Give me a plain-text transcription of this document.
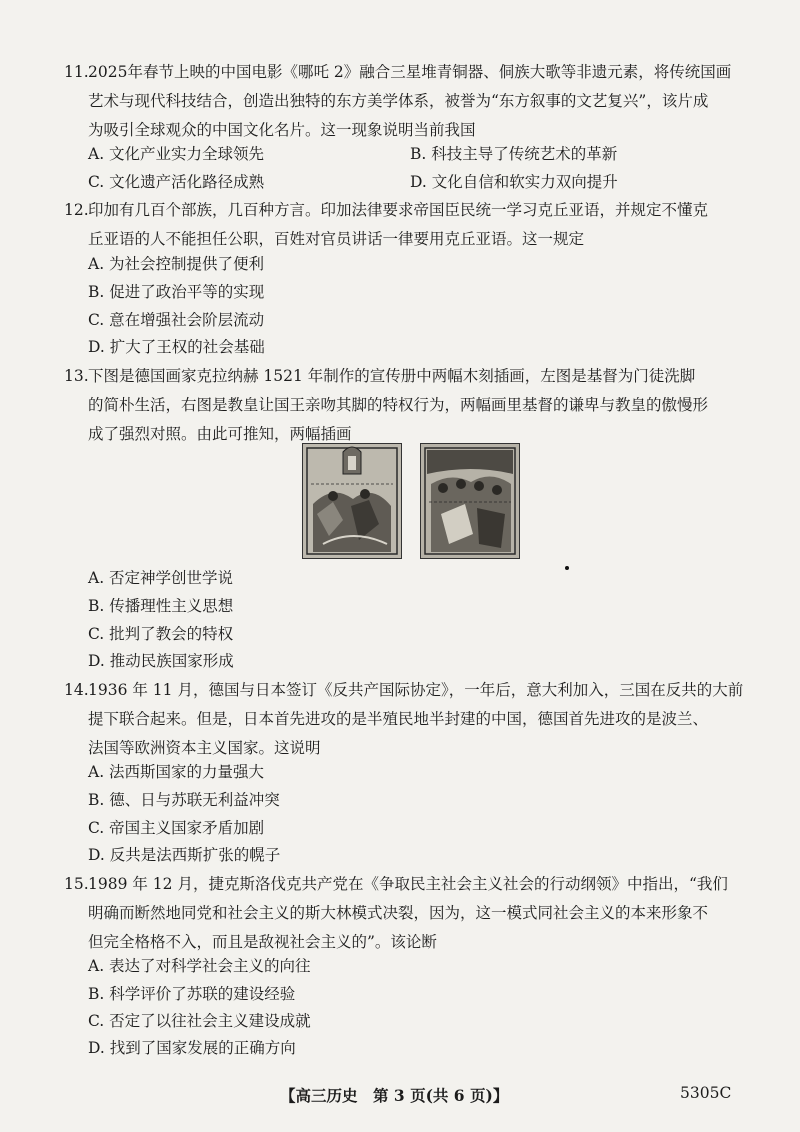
11. 2025年春节上映的中国电影《哪吒 2》融合三星堆青铜器、侗族大歌等非遗元素，将传统国画
艺术与现代科技结合，创造出独特的东方美学体系，被誉为“东方叙事的文艺复兴”，该片成
为吸引全球观众的中国文化名片。这一现象说明当前我国
A. 文化产业实力全球领先	B. 科技主导了传统艺术的革新
C. 文化遗产活化路径成熟	D. 文化自信和软实力双向提升
12. 印加有几百个部族，几百种方言。印加法律要求帝国臣民统一学习克丘亚语，并规定不懂克
丘亚语的人不能担任公职，百姓对官员讲话一律要用克丘亚语。这一规定
A. 为社会控制提供了便利
B. 促进了政治平等的实现
C. 意在增强社会阶层流动
D. 扩大了王权的社会基础
13. 下图是德国画家克拉纳赫 1521 年制作的宣传册中两幅木刻插画，左图是基督为门徒洗脚
的简朴生活，右图是教皇让国王亲吻其脚的特权行为，两幅画里基督的谦卑与教皇的傲慢形
成了强烈对照。由此可推知，两幅插画
A. 否定神学创世学说
B. 传播理性主义思想
C. 批判了教会的特权
D. 推动民族国家形成
14. 1936 年 11 月，德国与日本签订《反共产国际协定》，一年后，意大利加入，三国在反共的大前
提下联合起来。但是，日本首先进攻的是半殖民地半封建的中国，德国首先进攻的是波兰、
法国等欧洲资本主义国家。这说明
A. 法西斯国家的力量强大
B. 德、日与苏联无利益冲突
C. 帝国主义国家矛盾加剧
D. 反共是法西斯扩张的幌子
15. 1989 年 12 月，捷克斯洛伐克共产党在《争取民主社会主义社会的行动纲领》中指出，“我们
明确而断然地同党和社会主义的斯大林模式决裂，因为，这一模式同社会主义的本来形象不
但完全格格不入，而且是敌视社会主义的”。该论断
A. 表达了对科学社会主义的向往
B. 科学评价了苏联的建设经验
C. 否定了以往社会主义建设成就
D. 找到了国家发展的正确方向
【高三历史　第 3 页(共 6 页)】	5305C
